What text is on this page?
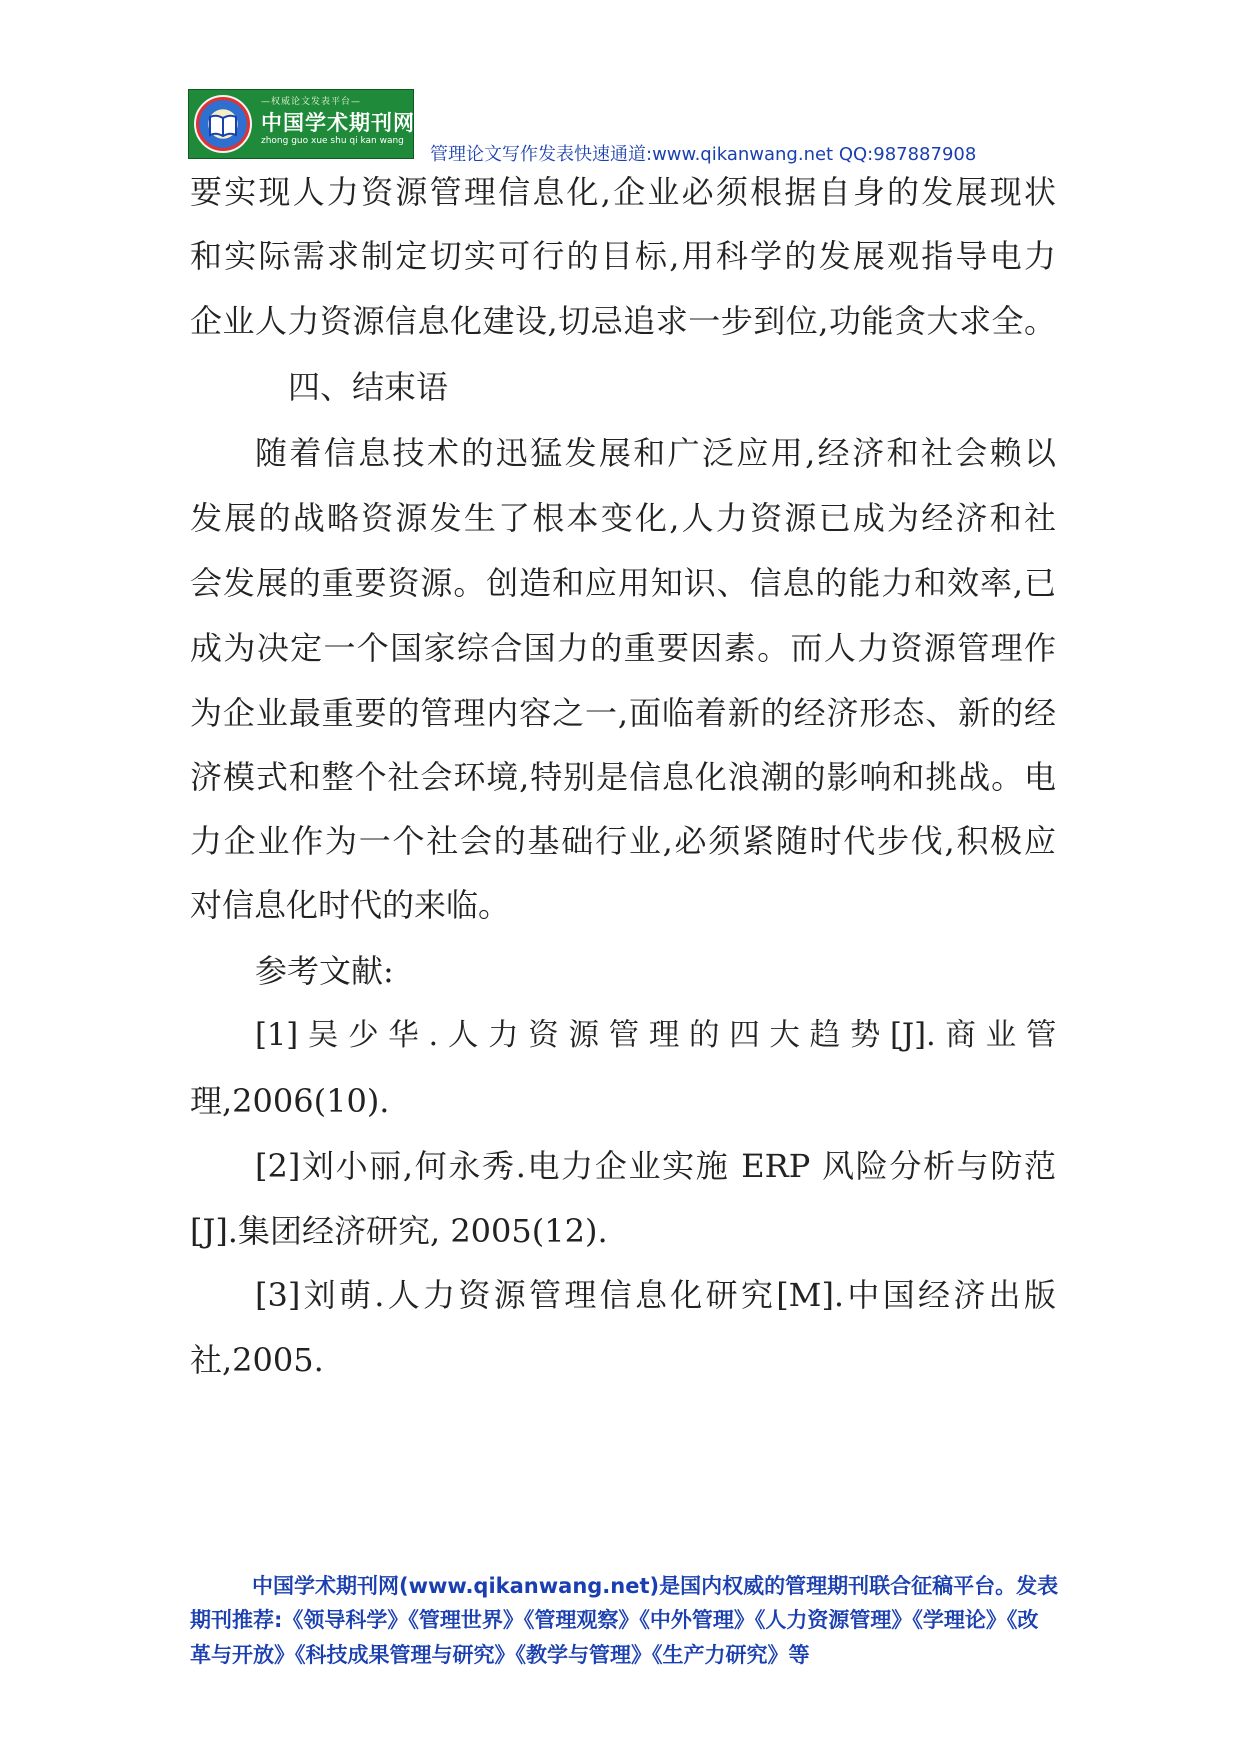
—权威论文发表平台—
中国学术期刊网
zhong guo xue shu qi kan wang
管理论文写作发表快速通道:www.qikanwang.net QQ:987887908
要实现人力资源管理信息化,企业必须根据自身的发展现状
和实际需求制定切实可行的目标,用科学的发展观指导电力
企业人力资源信息化建设,切忌追求一步到位,功能贪大求全。
四、结束语
随着信息技术的迅猛发展和广泛应用,经济和社会赖以
发展的战略资源发生了根本变化,人力资源已成为经济和社
会发展的重要资源。创造和应用知识、信息的能力和效率,已
成为决定一个国家综合国力的重要因素。而人力资源管理作
为企业最重要的管理内容之一,面临着新的经济形态、新的经
济模式和整个社会环境,特别是信息化浪潮的影响和挑战。电
力企业作为一个社会的基础行业,必须紧随时代步伐,积极应
对信息化时代的来临。
参考文献:
[1] 吴 少 华 . 人 力 资 源 管 理 的 四 大 趋 势 [J]. 商 业 管
理,2006(10).
[2]刘小丽,何永秀.电力企业实施 ERP 风险分析与防范
[J].集团经济研究, 2005(12).
[3]刘萌.人力资源管理信息化研究[M].中国经济出版
社,2005.
中国学术期刊网(www.qikanwang.net)是国内权威的管理期刊联合征稿平台。发表
期刊推荐:《领导科学》《管理世界》《管理观察》《中外管理》《人力资源管理》《学理论》《改
革与开放》《科技成果管理与研究》《教学与管理》《生产力研究》等
